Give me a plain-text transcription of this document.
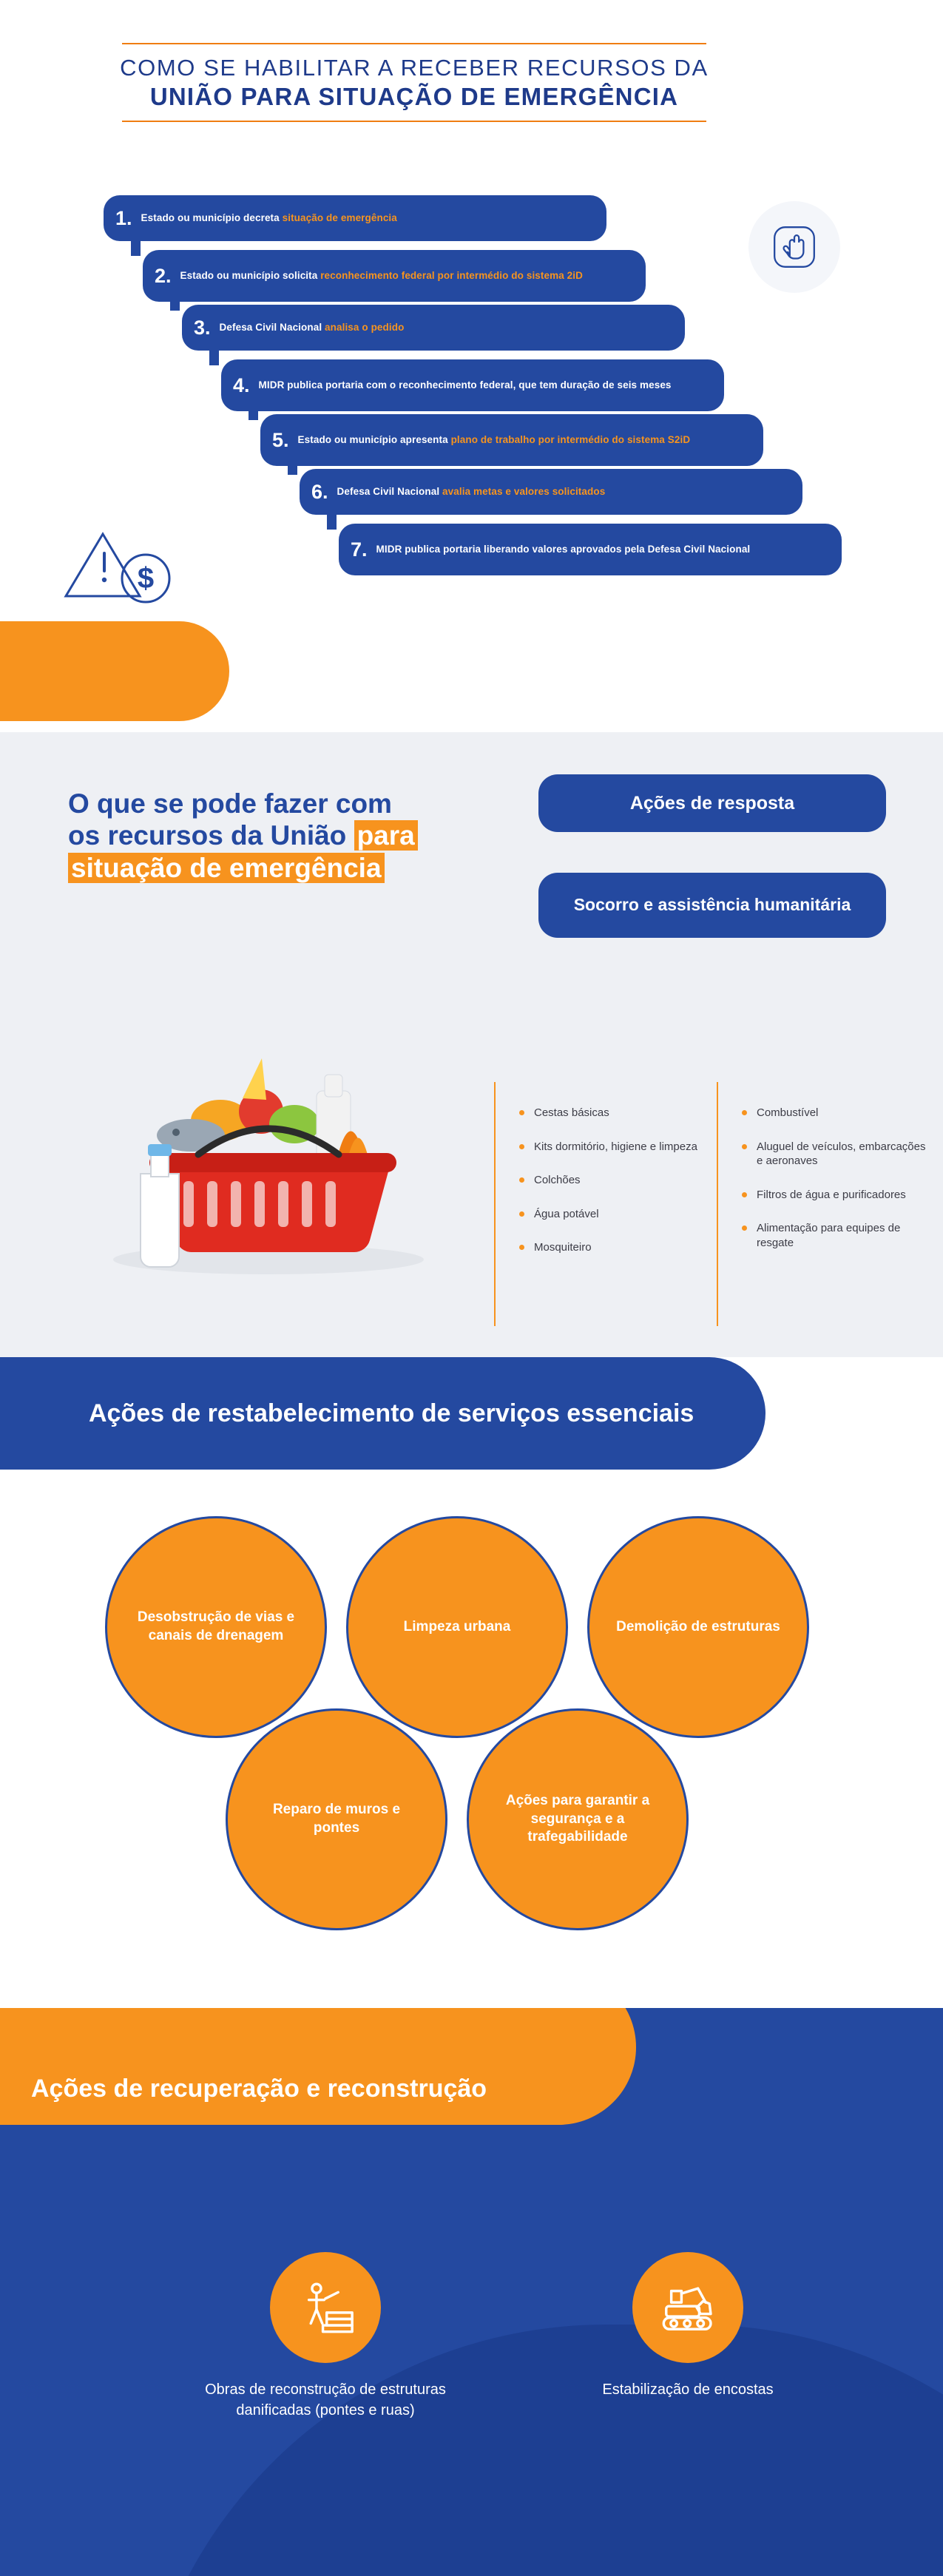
COMO SE HABILITAR A RECEBER RECURSOS DA
UNIÃO PARA SITUAÇÃO DE EMERGÊNCIA
$
1. Estado ou município decreta situação de emergência
2. Estado ou município solicita reconhecimento federal por intermédio do sistema 2iD
3. Defesa Civil Nacional analisa o pedido
4. MIDR publica portaria com o reconhecimento federal, que tem duração de seis meses
5. Estado ou município apresenta plano de trabalho por intermédio do sistema S2iD
6. Defesa Civil Nacional avalia metas e valores solicitados
7. MIDR publica portaria liberando valores aprovados pela Defesa Civil Nacional
O que se pode fazer com os recursos da União para situação de emergência
Cestas básicas
Kits dormitório, higiene e limpeza
Colchões
Água potável
Mosquiteiro
Combustível
Aluguel de veículos, embarcações e aeronaves
Filtros de água e purificadores
Alimentação para equipes de resgate
Ações de resposta
Socorro e assistência humanitária
Ações de restabelecimento de serviços essenciais
Desobstrução de vias e canais de drenagem
Limpeza urbana	Demolição de estruturas
Reparo de muros e pontes
Ações para garantir a segurança e a trafegabilidade
Ações de recuperação e reconstrução
Obras de reconstrução de estruturas danificadas (pontes e ruas)
Estabilização de encostas
